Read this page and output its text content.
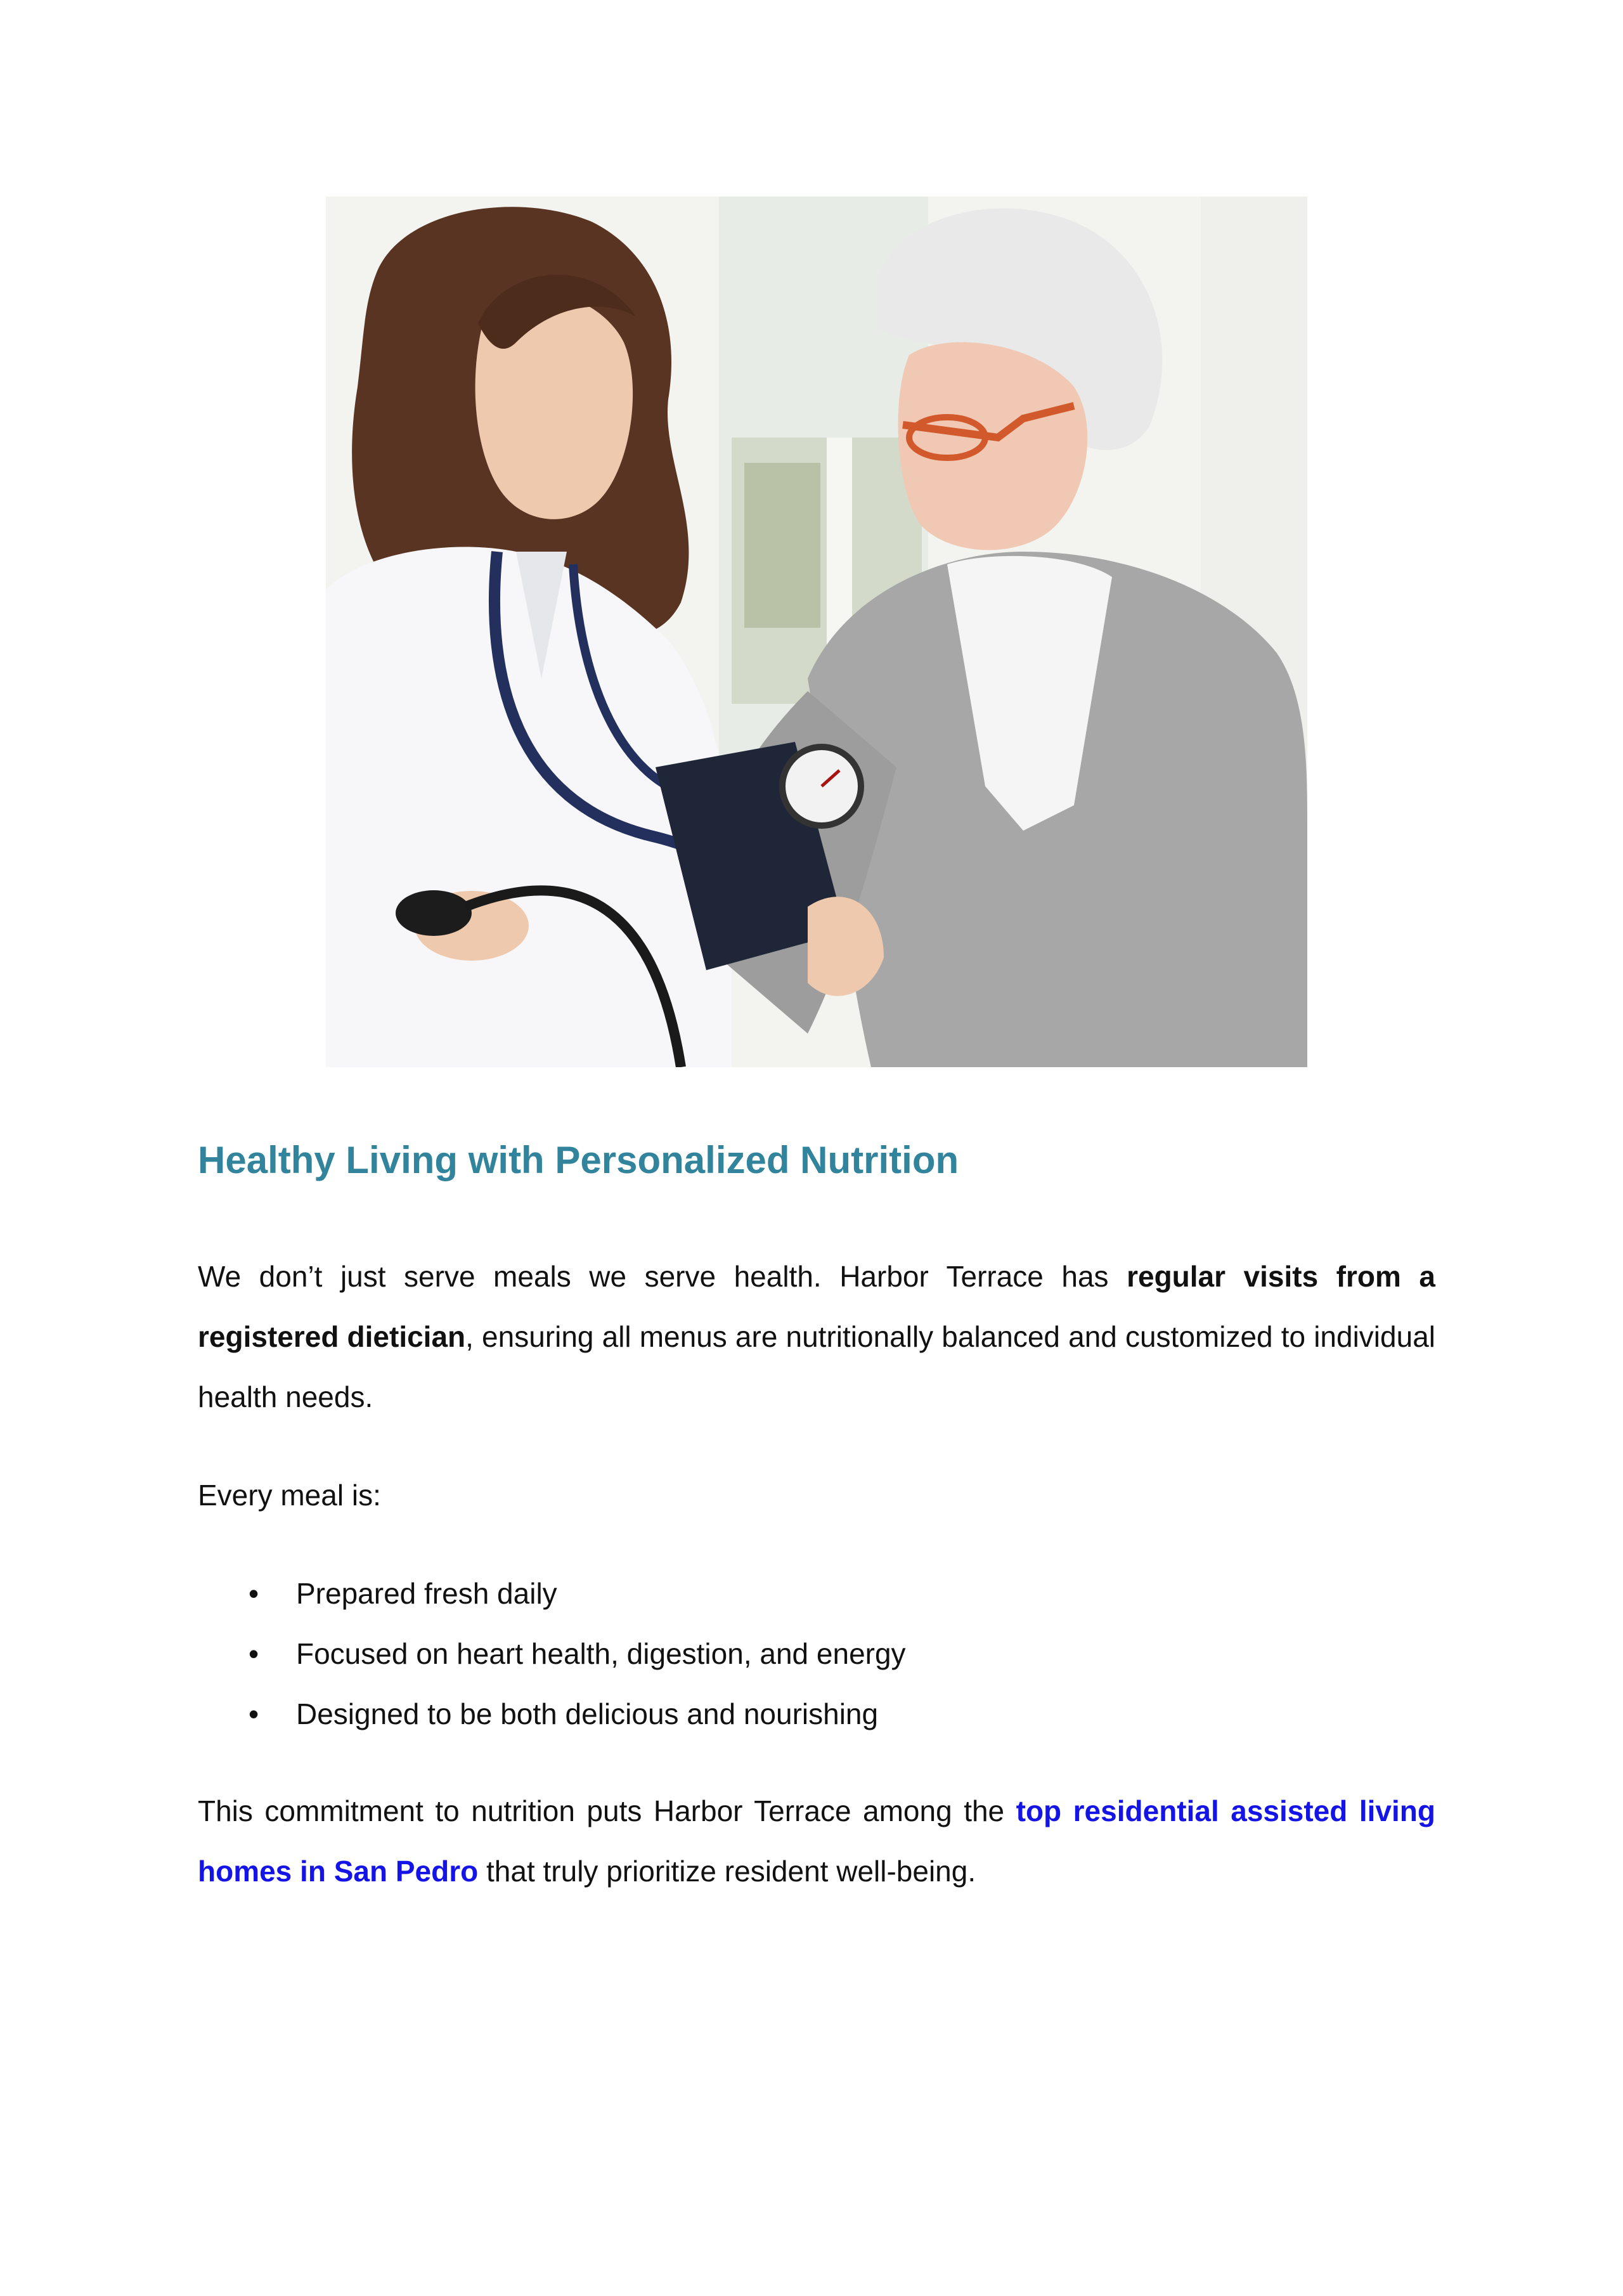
Healthy Living with Personalized Nutrition

We don’t just serve meals we serve health. Harbor Terrace has regular visits from a registered dietician, ensuring all menus are nutritionally balanced and customized to individual health needs.

Every meal is:

• Prepared fresh daily
• Focused on heart health, digestion, and energy
• Designed to be both delicious and nourishing

This commitment to nutrition puts Harbor Terrace among the top residential assisted living homes in San Pedro that truly prioritize resident well-being.
